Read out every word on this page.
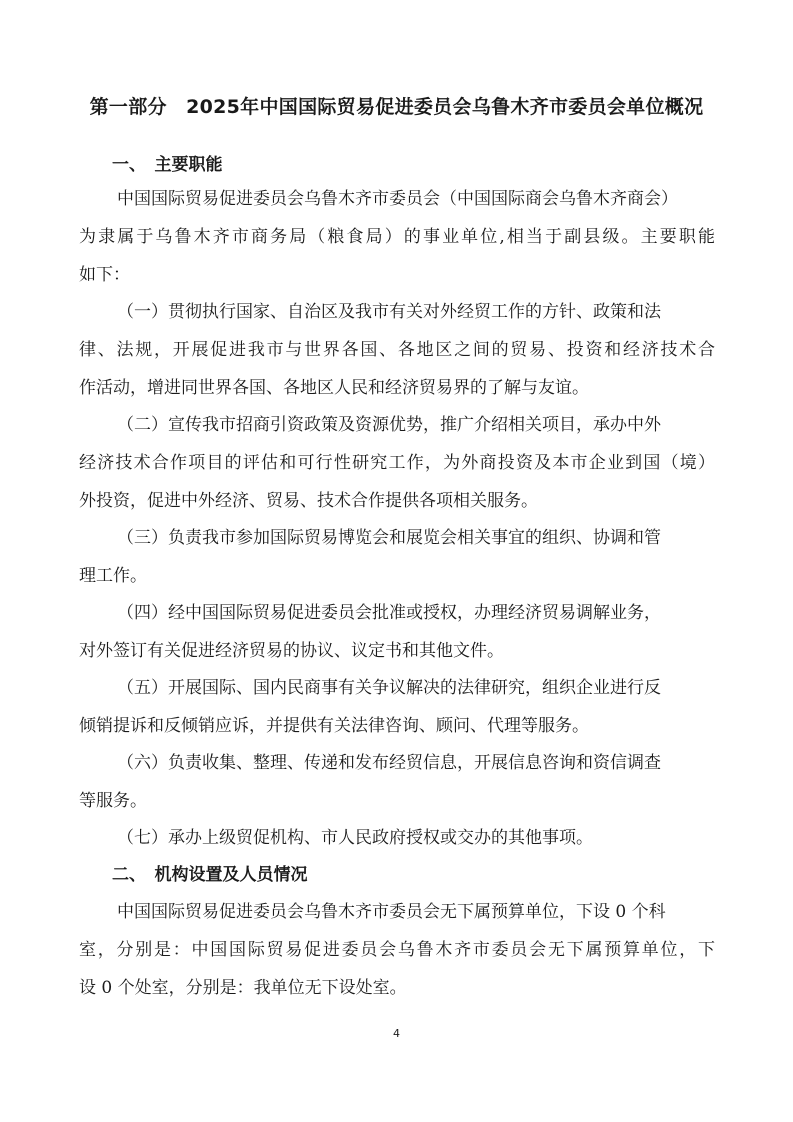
第一部分　2025年中国国际贸易促进委员会乌鲁木齐市委员会单位概况
一、　主要职能
中国国际贸易促进委员会乌鲁木齐市委员会（中国国际商会乌鲁木齐商会）
为隶属于乌鲁木齐市商务局（粮食局）的事业单位,相当于副县级。主要职能
如下：
（一）贯彻执行国家、自治区及我市有关对外经贸工作的方针、政策和法
律、法规，开展促进我市与世界各国、各地区之间的贸易、投资和经济技术合
作活动，增进同世界各国、各地区人民和经济贸易界的了解与友谊。
（二）宣传我市招商引资政策及资源优势，推广介绍相关项目，承办中外
经济技术合作项目的评估和可行性研究工作，为外商投资及本市企业到国（境）
外投资，促进中外经济、贸易、技术合作提供各项相关服务。
（三）负责我市参加国际贸易博览会和展览会相关事宜的组织、协调和管
理工作。
（四）经中国国际贸易促进委员会批准或授权，办理经济贸易调解业务，
对外签订有关促进经济贸易的协议、议定书和其他文件。
（五）开展国际、国内民商事有关争议解决的法律研究，组织企业进行反
倾销提诉和反倾销应诉，并提供有关法律咨询、顾问、代理等服务。
（六）负责收集、整理、传递和发布经贸信息，开展信息咨询和资信调查
等服务。
（七）承办上级贸促机构、市人民政府授权或交办的其他事项。
二、　机构设置及人员情况
中国国际贸易促进委员会乌鲁木齐市委员会无下属预算单位，下设 0 个科
室，分别是：中国国际贸易促进委员会乌鲁木齐市委员会无下属预算单位，下
设 0 个处室，分别是：我单位无下设处室。
4
